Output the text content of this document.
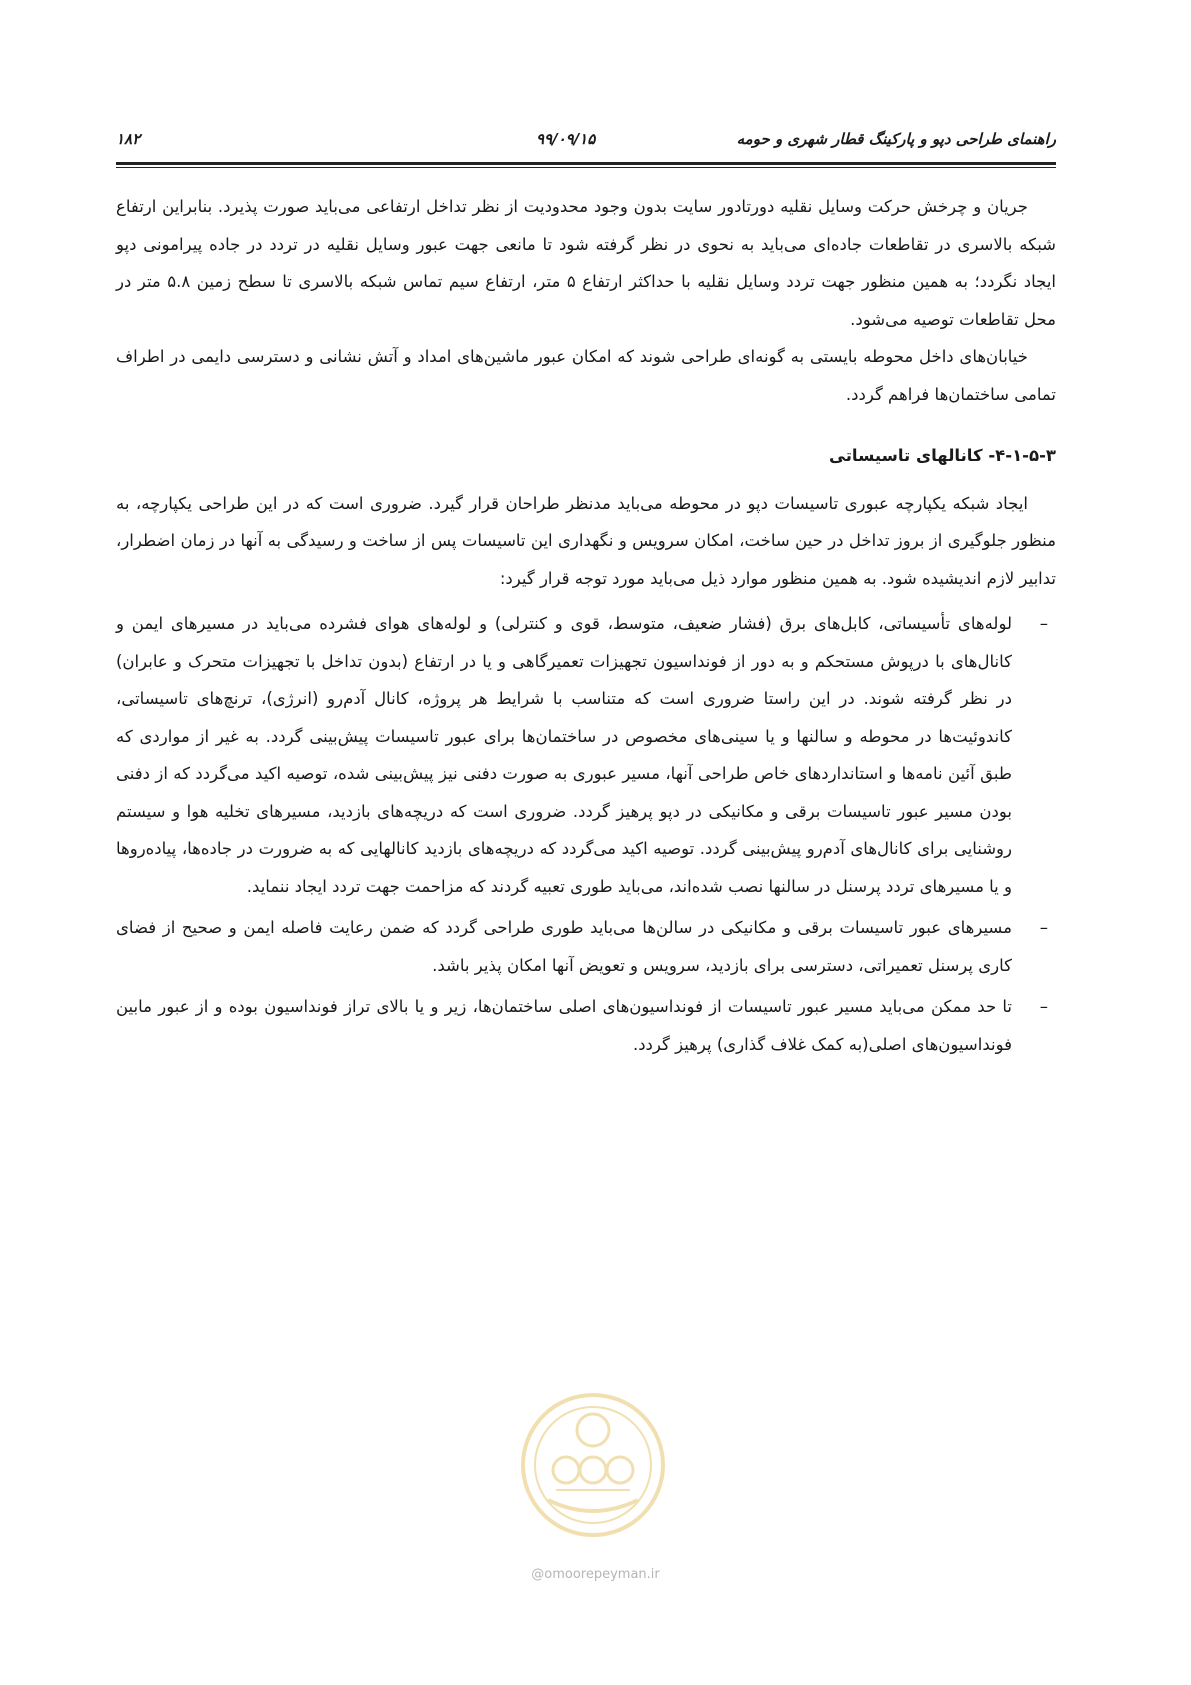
۱۸۲	۹۹/۰۹/۱۵	راهنمای طراحی دپو و پارکینگ قطار شهری و حومه

جریان و چرخش حرکت وسایل نقلیه دورتادور سایت بدون وجود محدودیت از نظر تداخل ارتفاعی می‌باید صورت پذیرد. بنابراین ارتفاع شبکه بالاسری در تقاطعات جاده‌ای می‌باید به نحوی در نظر گرفته شود تا مانعی جهت عبور وسایل نقلیه در تردد در جاده پیرامونی دپو ایجاد نگردد؛ به همین منظور جهت تردد وسایل نقلیه با حداکثر ارتفاع ۵ متر، ارتفاع سیم تماس شبکه بالاسری تا سطح زمین ۵.۸ متر در محل تقاطعات توصیه می‌شود.

خیابان‌های داخل محوطه بایستی به گونه‌ای طراحی شوند که امکان عبور ماشین‌های امداد و آتش نشانی و دسترسی دایمی در اطراف تمامی ساختمان‌ها فراهم گردد.

۴-۱-۵-۳- کانالهای تاسیساتی

ایجاد شبکه یکپارچه عبوری تاسیسات دپو در محوطه می‌باید مدنظر طراحان قرار گیرد. ضروری است که در این طراحی یکپارچه، به منظور جلوگیری از بروز تداخل در حین ساخت، امکان سرویس و نگهداری این تاسیسات پس از ساخت و رسیدگی به آنها در زمان اضطرار، تدابیر لازم اندیشیده شود. به همین منظور موارد ذیل می‌باید مورد توجه قرار گیرد:

–
لوله‌های تأسیساتی، کابل‌های برق (فشار ضعیف، متوسط، قوی و کنترلی) و لوله‌های هوای فشرده می‌باید در مسیرهای ایمن و کانال‌های با درپوش مستحکم و به دور از فونداسیون تجهیزات تعمیرگاهی و یا در ارتفاع (بدون تداخل با تجهیزات متحرک و عابران) در نظر گرفته شوند. در این راستا ضروری است که متناسب با شرایط هر پروژه، کانال آدم‌رو (انرژی)، ترنچ‌های تاسیساتی، کاندوئیت‌ها در محوطه و سالنها و یا سینی‌های مخصوص در ساختمان‌ها برای عبور تاسیسات پیش‌بینی گردد. به غیر از مواردی که طبق آئین نامه‌ها و استانداردهای خاص طراحی آنها، مسیر عبوری به صورت دفنی نیز پیش‌بینی شده، توصیه اکید می‌گردد که از دفنی بودن مسیر عبور تاسیسات برقی و مکانیکی در دپو پرهیز گردد. ضروری است که دریچه‌های بازدید، مسیرهای تخلیه هوا و سیستم روشنایی برای کانال‌های آدم‌رو پیش‌بینی گردد. توصیه اکید می‌گردد که دریچه‌های بازدید کانالهایی که به ضرورت در جاده‌ها، پیاده‌روها و یا مسیرهای تردد پرسنل در سالنها نصب شده‌اند، می‌باید طوری تعبیه گردند که مزاحمت جهت تردد ایجاد ننماید.
–
مسیرهای عبور تاسیسات برقی و مکانیکی در سالن‌ها می‌باید طوری طراحی گردد که ضمن رعایت فاصله ایمن و صحیح از فضای کاری پرسنل تعمیراتی، دسترسی برای بازدید، سرویس و تعویض آنها امکان پذیر باشد.
–
تا حد ممکن می‌باید مسیر عبور تاسیسات از فونداسیون‌های اصلی ساختمان‌ها، زیر و یا بالای تراز فونداسیون بوده و از عبور مابین فونداسیون‌های اصلی(به کمک غلاف گذاری) پرهیز گردد.
@omoorepeyman.ir
